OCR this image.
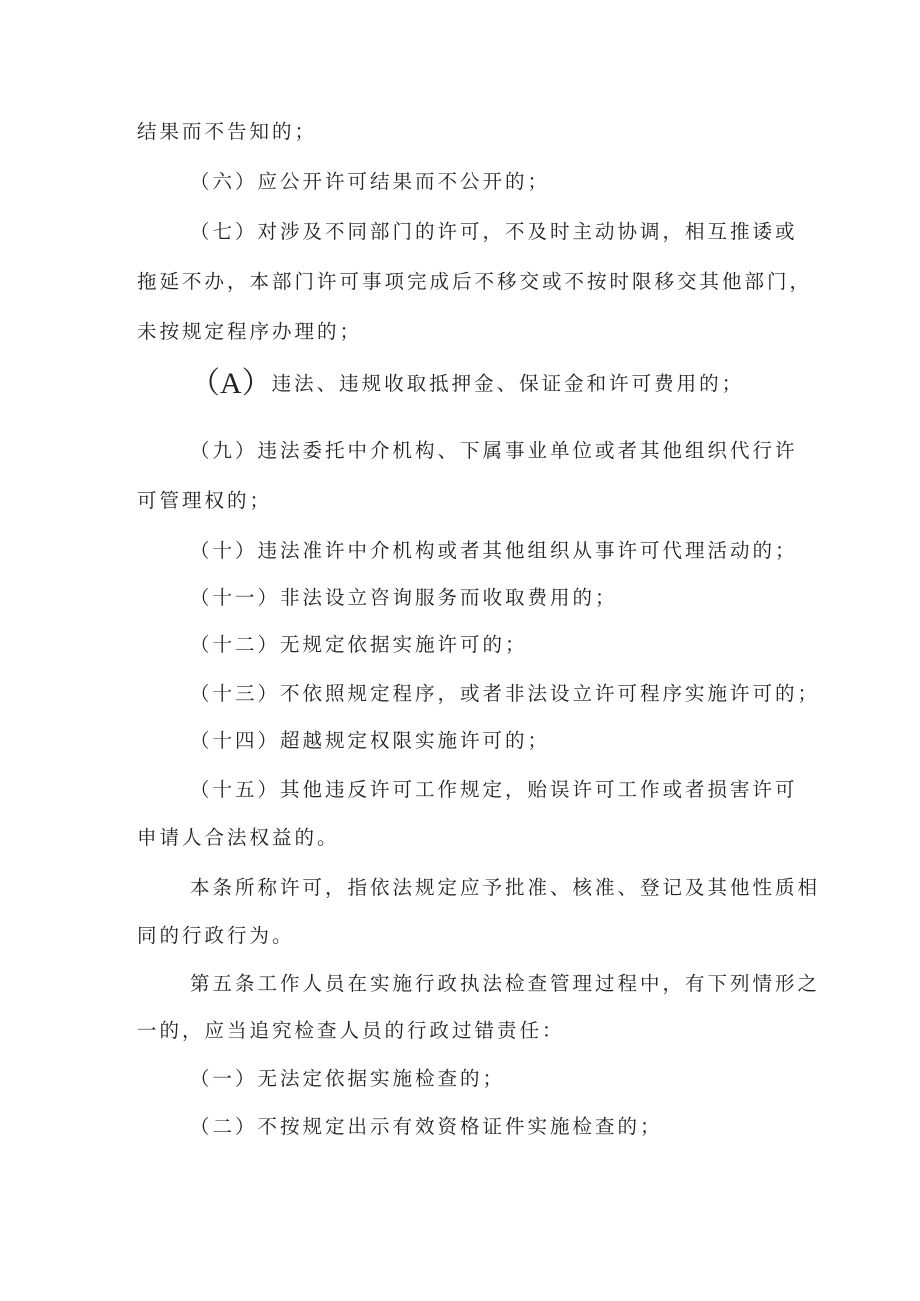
结果而不告知的；
（六）应公开许可结果而不公开的；
（七）对涉及不同部门的许可，不及时主动协调，相互推诿或
拖延不办，本部门许可事项完成后不移交或不按时限移交其他部门，
未按规定程序办理的；
（A）违法、违规收取抵押金、保证金和许可费用的；
（九）违法委托中介机构、下属事业单位或者其他组织代行许
可管理权的；
（十）违法准许中介机构或者其他组织从事许可代理活动的；
（十一）非法设立咨询服务而收取费用的；
（十二）无规定依据实施许可的；
（十三）不依照规定程序，或者非法设立许可程序实施许可的；
（十四）超越规定权限实施许可的；
（十五）其他违反许可工作规定，贻误许可工作或者损害许可
申请人合法权益的。
本条所称许可，指依法规定应予批准、核准、登记及其他性质相
同的行政行为。
第五条工作人员在实施行政执法检查管理过程中，有下列情形之
一的，应当追究检查人员的行政过错责任：
（一）无法定依据实施检查的；
（二）不按规定出示有效资格证件实施检查的；
